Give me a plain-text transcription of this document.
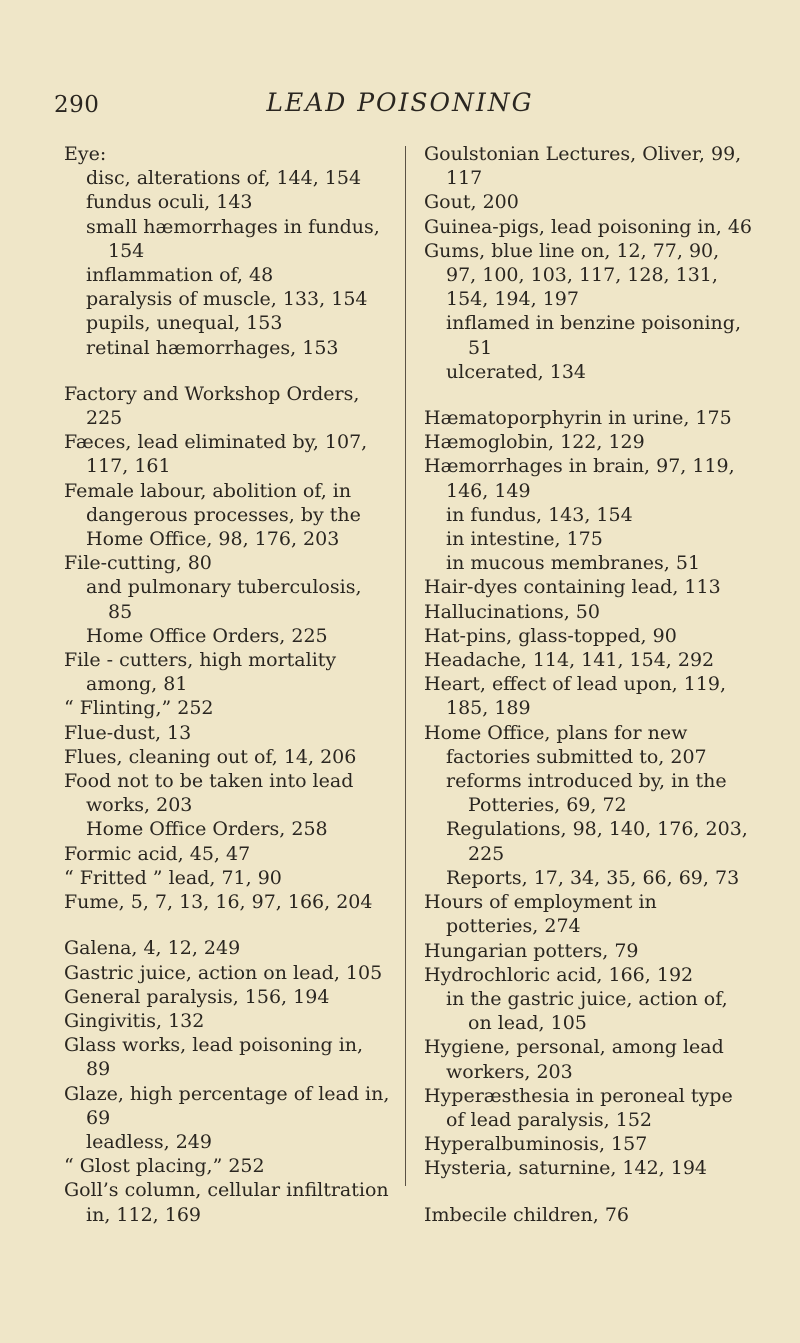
290	LEAD POISONING

Eye:

disc, alterations of, 144, 154

fundus oculi, 143

small hæmorrhages in fundus, 154

inflammation of, 48

paralysis of muscle, 133, 154

pupils, unequal, 153

retinal hæmorrhages, 153

Factory and Workshop Orders, 225

Fæces, lead eliminated by, 107, 117, 161

Female labour, abolition of, in dangerous processes, by the Home Office, 98, 176, 203

File-cutting, 80

and pulmonary tuberculosis, 85

Home Office Orders, 225

File - cutters, high mortality among, 81

“ Flinting,” 252

Flue-dust, 13

Flues, cleaning out of, 14, 206

Food not to be taken into lead works, 203

Home Office Orders, 258

Formic acid, 45, 47

“ Fritted ” lead, 71, 90

Fume, 5, 7, 13, 16, 97, 166, 204

Galena, 4, 12, 249

Gastric juice, action on lead, 105

General paralysis, 156, 194

Gingivitis, 132

Glass works, lead poisoning in, 89

Glaze, high percentage of lead in, 69

leadless, 249

“ Glost placing,” 252

Goll’s column, cellular infiltration in, 112, 169

Goulstonian Lectures, Oliver, 99, 117

Gout, 200

Guinea-pigs, lead poisoning in, 46

Gums, blue line on, 12, 77, 90, 97, 100, 103, 117, 128, 131, 154, 194, 197

inflamed in benzine poisoning, 51

ulcerated, 134

Hæmatoporphyrin in urine, 175

Hæmoglobin, 122, 129

Hæmorrhages in brain, 97, 119, 146, 149

in fundus, 143, 154

in intestine, 175

in mucous membranes, 51

Hair-dyes containing lead, 113

Hallucinations, 50

Hat-pins, glass-topped, 90

Headache, 114, 141, 154, 292

Heart, effect of lead upon, 119, 185, 189

Home Office, plans for new factories submitted to, 207

reforms introduced by, in the Potteries, 69, 72

Regulations, 98, 140, 176, 203, 225

Reports, 17, 34, 35, 66, 69, 73

Hours of employment in potteries, 274

Hungarian potters, 79

Hydrochloric acid, 166, 192

in the gastric juice, action of, on lead, 105

Hygiene, personal, among lead workers, 203

Hyperæsthesia in peroneal type of lead paralysis, 152

Hyperalbuminosis, 157

Hysteria, saturnine, 142, 194

Imbecile children, 76
